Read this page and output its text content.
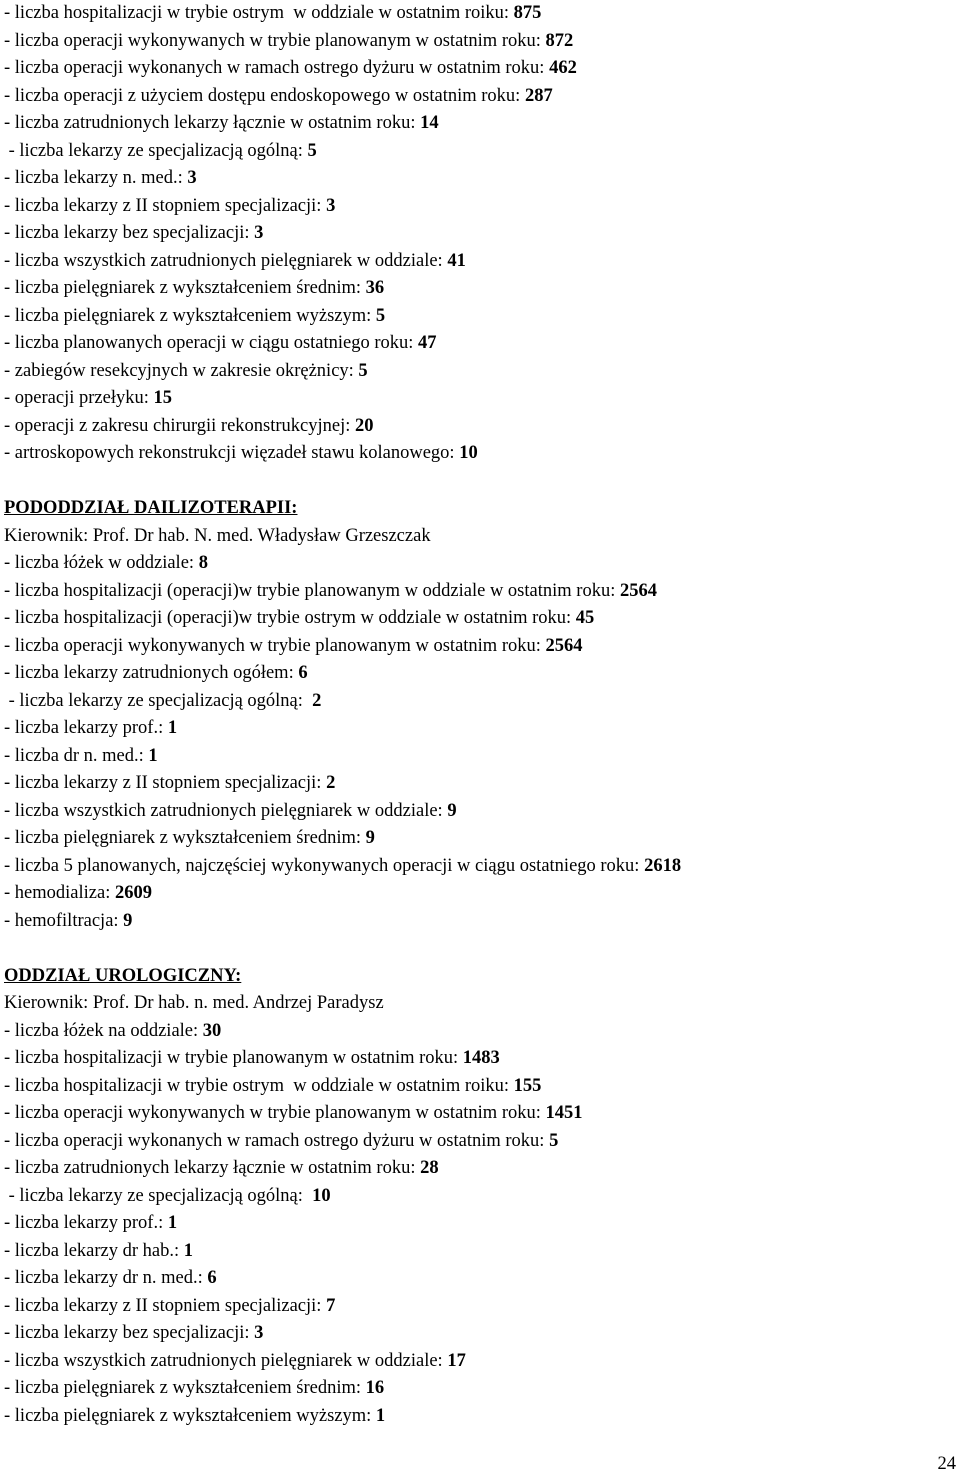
- liczba hospitalizacji w trybie ostrym  w oddziale w ostatnim roiku: 875
- liczba operacji wykonywanych w trybie planowanym w ostatnim roku: 872
- liczba operacji wykonanych w ramach ostrego dyżuru w ostatnim roku: 462
- liczba operacji z użyciem dostępu endoskopowego w ostatnim roku: 287
- liczba zatrudnionych lekarzy łącznie w ostatnim roku: 14
- liczba lekarzy ze specjalizacją ogólną: 5
- liczba lekarzy n. med.: 3
- liczba lekarzy z II stopniem specjalizacji: 3
- liczba lekarzy bez specjalizacji: 3
- liczba wszystkich zatrudnionych pielęgniarek w oddziale: 41
- liczba pielęgniarek z wykształceniem średnim: 36
- liczba pielęgniarek z wykształceniem wyższym: 5
- liczba planowanych operacji w ciągu ostatniego roku: 47
- zabiegów resekcyjnych w zakresie okrężnicy: 5
- operacji przełyku: 15
- operacji z zakresu chirurgii rekonstrukcyjnej: 20
- artroskopowych rekonstrukcji więzadeł stawu kolanowego: 10
PODODDZIAŁ DAILIZOTERAPII:
Kierownik: Prof. Dr hab. N. med. Władysław Grzeszczak
- liczba łóżek w oddziale: 8
- liczba hospitalizacji (operacji)w trybie planowanym w oddziale w ostatnim roku: 2564
- liczba hospitalizacji (operacji)w trybie ostrym w oddziale w ostatnim roku: 45
- liczba operacji wykonywanych w trybie planowanym w ostatnim roku: 2564
- liczba lekarzy zatrudnionych ogółem: 6
- liczba lekarzy ze specjalizacją ogólną:  2
- liczba lekarzy prof.: 1
- liczba dr n. med.: 1
- liczba lekarzy z II stopniem specjalizacji: 2
- liczba wszystkich zatrudnionych pielęgniarek w oddziale: 9
- liczba pielęgniarek z wykształceniem średnim: 9
- liczba 5 planowanych, najczęściej wykonywanych operacji w ciągu ostatniego roku: 2618
- hemodializa: 2609
- hemofiltracja: 9
ODDZIAŁ UROLOGICZNY:
Kierownik: Prof. Dr hab. n. med. Andrzej Paradysz
- liczba łóżek na oddziale: 30
- liczba hospitalizacji w trybie planowanym w ostatnim roku: 1483
- liczba hospitalizacji w trybie ostrym  w oddziale w ostatnim roiku: 155
- liczba operacji wykonywanych w trybie planowanym w ostatnim roku: 1451
- liczba operacji wykonanych w ramach ostrego dyżuru w ostatnim roku: 5
- liczba zatrudnionych lekarzy łącznie w ostatnim roku: 28
- liczba lekarzy ze specjalizacją ogólną:  10
- liczba lekarzy prof.: 1
- liczba lekarzy dr hab.: 1
- liczba lekarzy dr n. med.: 6
- liczba lekarzy z II stopniem specjalizacji: 7
- liczba lekarzy bez specjalizacji: 3
- liczba wszystkich zatrudnionych pielęgniarek w oddziale: 17
- liczba pielęgniarek z wykształceniem średnim: 16
- liczba pielęgniarek z wykształceniem wyższym: 1
24
